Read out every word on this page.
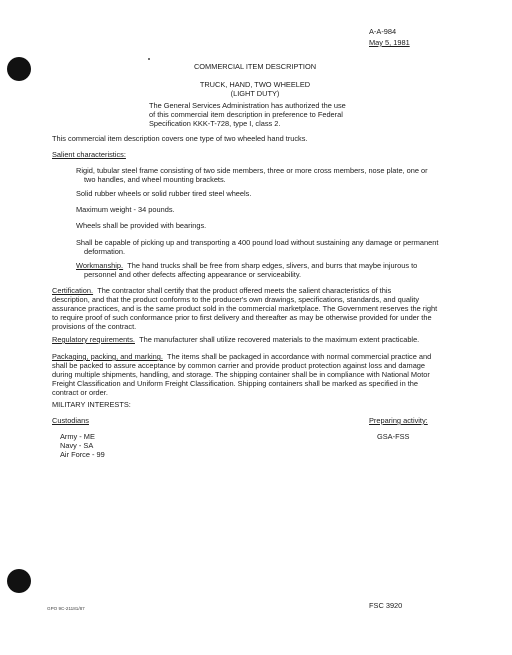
A-A-984
May 5, 1981
COMMERCIAL ITEM DESCRIPTION
TRUCK, HAND, TWO WHEELED
(LIGHT DUTY)
The General Services Administration has authorized the use
of this commercial item description in preference to Federal
Specification KKK-T-728, type I, class 2.
This commercial item description covers one type of two wheeled hand trucks.
Salient characteristics:
Rigid, tubular steel frame consisting of two side members, three or more cross members, nose plate, one or
two handles, and wheel mounting brackets.
Solid rubber wheels or solid rubber tired steel wheels.
Maximum weight - 34 pounds.
Wheels shall be provided with bearings.
Shall be capable of picking up and transporting a 400 pound load without sustaining any damage or permanent
deformation.
Workmanship. The hand trucks shall be free from sharp edges, slivers, and burrs that maybe injurous to
personnel and other defects affecting appearance or serviceability.
Certification. The contractor shall certify that the product offered meets the salient characteristics of this
description, and that the product conforms to the producer's own drawings, specifications, standards, and quality
assurance practices, and is the same product sold in the commercial marketplace. The Government reserves the right
to require proof of such conformance prior to first delivery and thereafter as may be otherwise provided for under the
provisions of the contract.
Regulatory requirements. The manufacturer shall utilize recovered materials to the maximum extent practicable.
Packaging, packing, and marking. The items shall be packaged in accordance with normal commercial practice and
shall be packed to assure acceptance by common carrier and provide product protection against loss and damage
during multiple shipments, handling, and storage. The shipping container shall be in compliance with National Motor
Freight Classification and Uniform Freight Classification. Shipping containers shall be marked as specified in the
contract or order.
MILITARY INTERESTS:
Custodians
Army - ME
Navy - SA
Air Force - 99
Preparing activity:
GSA-FSS
GPO 9C-21181/87	FSC 3920
